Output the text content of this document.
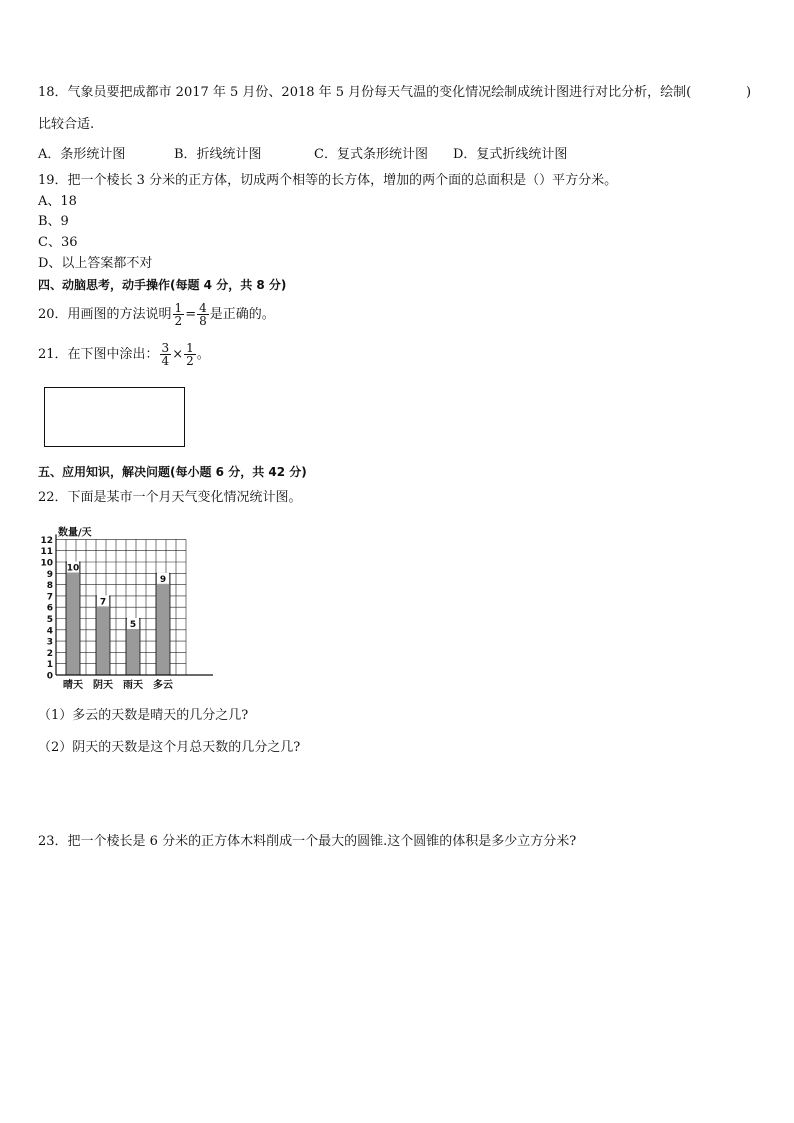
18．气象员要把成都市 2017 年 5 月份、2018 年 5 月份每天气温的变化情况绘制成统计图进行对比分析，绘制(	)
比较合适.
A．条形统计图	B．折线统计图	C．复式条形统计图 D．复式折线统计图
19．把一个棱长 3 分米的正方体，切成两个相等的长方体，增加的两个面的总面积是（）平方分米。
A、18
B、9
C、36
D、以上答案都不对
四、动脑思考，动手操作(每题 4 分，共 8 分)
20．用画图的方法说明 $\frac{1}{2} = \frac{4}{8}$ 是正确的。
21．在下图中涂出： $\frac{3}{4} \times \frac{1}{2}$ 。
五、应用知识，解决问题(每小题 6 分，共 42 分)
22．下面是某市一个月天气变化情况统计图。
10
7
5
9
0
1
2
3
4
5
6
7
8
9
10
11
12
晴天 阴天 雨天 多云
数量/天
（1）多云的天数是晴天的几分之几?
（2）阴天的天数是这个月总天数的几分之几?
23．把一个棱长是 6 分米的正方体木料削成一个最大的圆锥.这个圆锥的体积是多少立方分米?
